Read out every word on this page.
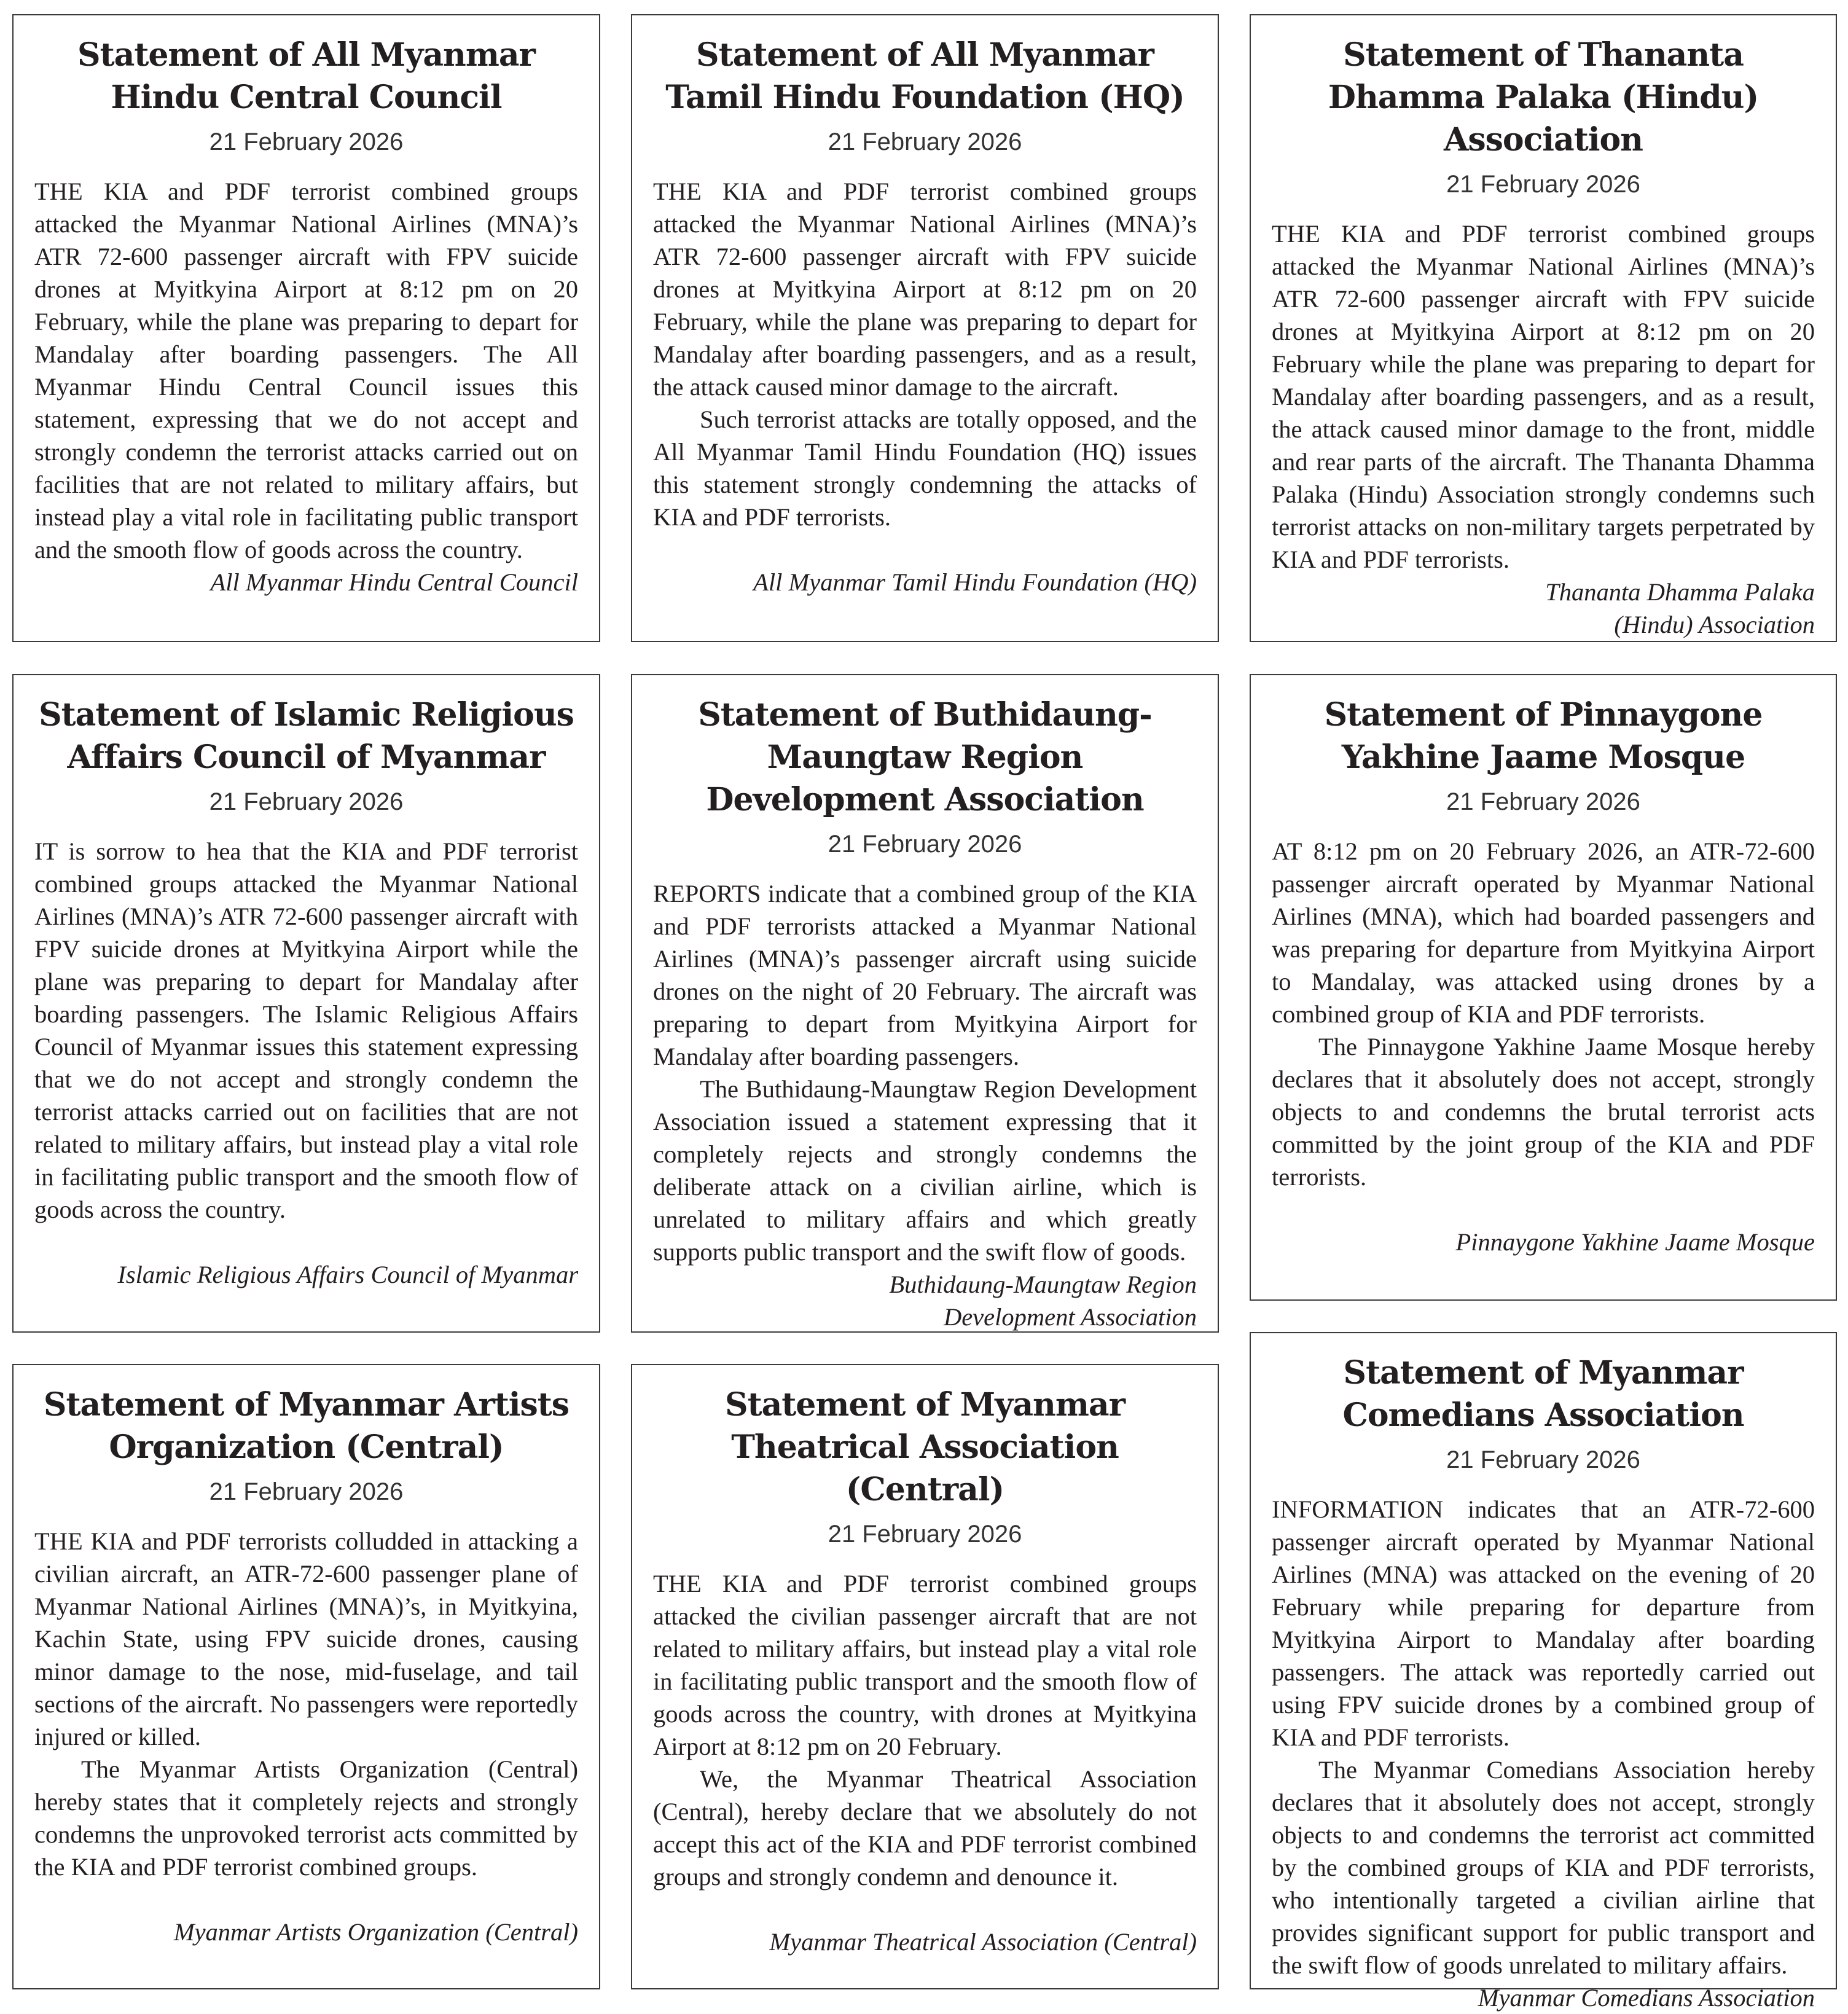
Statement of All Myanmar Hindu Central Council
21 February 2026

THE KIA and PDF terrorist combined groups attacked the Myanmar National Airlines (MNA)’s ATR 72-600 passenger aircraft with FPV suicide drones at Myitkyina Airport at 8:12 pm on 20 February, while the plane was preparing to depart for Mandalay after boarding passengers. The All Myanmar Hindu Central Council issues this statement, expressing that we do not accept and strongly condemn the terrorist attacks carried out on facilities that are not related to military affairs, but instead play a vital role in facilitating public transport and the smooth flow of goods across the country.

All Myanmar Hindu Central Council

Statement of All Myanmar Tamil Hindu Foundation (HQ)
21 February 2026

THE KIA and PDF terrorist combined groups attacked the Myanmar National Airlines (MNA)’s ATR 72-600 passenger aircraft with FPV suicide drones at Myitkyina Airport at 8:12 pm on 20 February, while the plane was preparing to depart for Mandalay after boarding passengers, and as a result, the attack caused minor damage to the aircraft.

Such terrorist attacks are totally opposed, and the All Myanmar Tamil Hindu Foundation (HQ) issues this statement strongly condemning the attacks of KIA and PDF terrorists.

All Myanmar Tamil Hindu Foundation (HQ)

Statement of Thananta Dhamma Palaka (Hindu) Association
21 February 2026

THE KIA and PDF terrorist combined groups attacked the Myanmar National Airlines (MNA)’s ATR 72-600 passenger aircraft with FPV suicide drones at Myitkyina Airport at 8:12 pm on 20 February while the plane was preparing to depart for Mandalay after boarding passengers, and as a result, the attack caused minor damage to the front, middle and rear parts of the aircraft. The Thananta Dhamma Palaka (Hindu) Association strongly condemns such terrorist attacks on non-military targets perpetrated by KIA and PDF terrorists.

Thananta Dhamma Palaka (Hindu) Association

Statement of Islamic Religious Affairs Council of Myanmar
21 February 2026

IT is sorrow to hea that the KIA and PDF terrorist combined groups attacked the Myanmar National Airlines (MNA)’s ATR 72-600 passenger aircraft with FPV suicide drones at Myitkyina Airport while the plane was preparing to depart for Mandalay after boarding passengers. The Islamic Religious Affairs Council of Myanmar issues this statement expressing that we do not accept and strongly condemn the terrorist attacks carried out on facilities that are not related to military affairs, but instead play a vital role in facilitating public transport and the smooth flow of goods across the country.

Islamic Religious Affairs Council of Myanmar

Statement of Buthidaung-Maungtaw Region Development Association
21 February 2026

REPORTS indicate that a combined group of the KIA and PDF terrorists attacked a Myanmar National Airlines (MNA)’s passenger aircraft using suicide drones on the night of 20 February. The aircraft was preparing to depart from Myitkyina Airport for Mandalay after boarding passengers.

The Buthidaung-Maungtaw Region Development Association issued a statement expressing that it completely rejects and strongly condemns the deliberate attack on a civilian airline, which is unrelated to military affairs and which greatly supports public transport and the swift flow of goods.

Buthidaung-Maungtaw Region Development Association

Statement of Pinnaygone Yakhine Jaame Mosque
21 February 2026

AT 8:12 pm on 20 February 2026, an ATR-72-600 passenger aircraft operated by Myanmar National Airlines (MNA), which had boarded passengers and was preparing for departure from Myitkyina Airport to Mandalay, was attacked using drones by a combined group of KIA and PDF terrorists.

The Pinnaygone Yakhine Jaame Mosque hereby declares that it absolutely does not accept, strongly objects to and condemns the brutal terrorist acts committed by the joint group of the KIA and PDF terrorists.

Pinnaygone Yakhine Jaame Mosque

Statement of Myanmar Artists Organization (Central)
21 February 2026

THE KIA and PDF terrorists colludded in attacking a civilian aircraft, an ATR-72-600 passenger plane of Myanmar National Airlines (MNA)’s, in Myitkyina, Kachin State, using FPV suicide drones, causing minor damage to the nose, mid-fuselage, and tail sections of the aircraft. No passengers were reportedly injured or killed.

The Myanmar Artists Organization (Central) hereby states that it completely rejects and strongly condemns the unprovoked terrorist acts committed by the KIA and PDF terrorist combined groups.

Myanmar Artists Organization (Central)

Statement of Myanmar Theatrical Association (Central)
21 February 2026

THE KIA and PDF terrorist combined groups attacked the civilian passenger aircraft that are not related to military affairs, but instead play a vital role in facilitating public transport and the smooth flow of goods across the country, with drones at Myitkyina Airport at 8:12 pm on 20 February.

We, the Myanmar Theatrical Association (Central), hereby declare that we absolutely do not accept this act of the KIA and PDF terrorist combined groups and strongly condemn and denounce it.

Myanmar Theatrical Association (Central)

Statement of Myanmar Comedians Association
21 February 2026

INFORMATION indicates that an ATR-72-600 passenger aircraft operated by Myanmar National Airlines (MNA) was attacked on the evening of 20 February while preparing for departure from Myitkyina Airport to Mandalay after boarding passengers. The attack was reportedly carried out using FPV suicide drones by a combined group of KIA and PDF terrorists.

The Myanmar Comedians Association hereby declares that it absolutely does not accept, strongly objects to and condemns the terrorist act committed by the combined groups of KIA and PDF terrorists, who intentionally targeted a civilian airline that provides significant support for public transport and the swift flow of goods unrelated to military affairs.

Myanmar Comedians Association
